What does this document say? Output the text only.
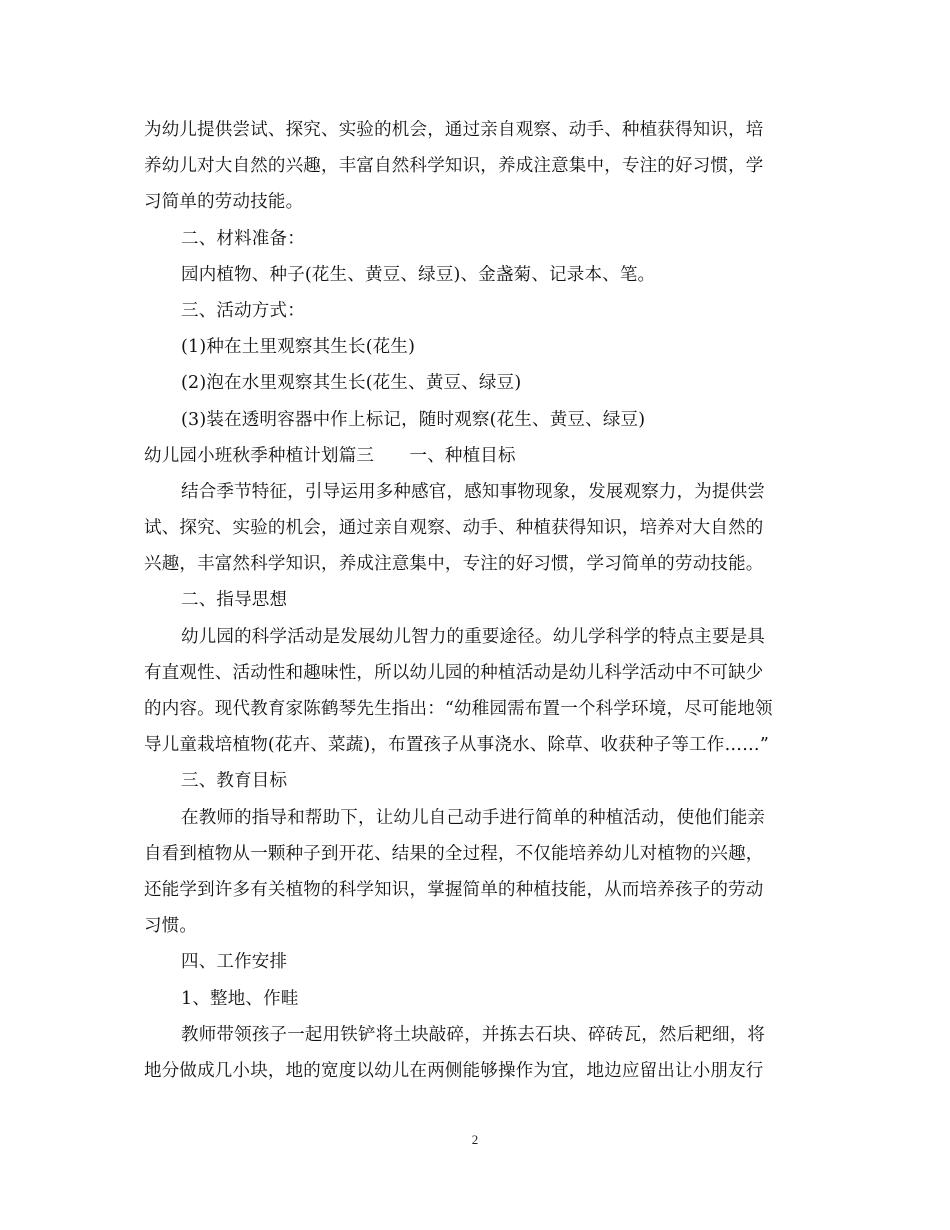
为幼儿提供尝试、探究、实验的机会，通过亲自观察、动手、种植获得知识，培
养幼儿对大自然的兴趣，丰富自然科学知识，养成注意集中，专注的好习惯，学
习简单的劳动技能。
二、材料准备：
园内植物、种子(花生、黄豆、绿豆)、金盏菊、记录本、笔。
三、活动方式：
(1)种在土里观察其生长(花生)
(2)泡在水里观察其生长(花生、黄豆、绿豆)
(3)装在透明容器中作上标记，随时观察(花生、黄豆、绿豆)
幼儿园小班秋季种植计划篇三　　一、种植目标
结合季节特征，引导运用多种感官，感知事物现象，发展观察力，为提供尝
试、探究、实验的机会，通过亲自观察、动手、种植获得知识，培养对大自然的
兴趣，丰富然科学知识，养成注意集中，专注的好习惯，学习简单的劳动技能。
二、指导思想
幼儿园的科学活动是发展幼儿智力的重要途径。幼儿学科学的特点主要是具
有直观性、活动性和趣味性，所以幼儿园的种植活动是幼儿科学活动中不可缺少
的内容。现代教育家陈鹤琴先生指出：“幼稚园需布置一个科学环境，尽可能地领
导儿童栽培植物(花卉、菜蔬)，布置孩子从事浇水、除草、收获种子等工作……”
三、教育目标
在教师的指导和帮助下，让幼儿自己动手进行简单的种植活动，使他们能亲
自看到植物从一颗种子到开花、结果的全过程，不仅能培养幼儿对植物的兴趣，
还能学到许多有关植物的科学知识，掌握简单的种植技能，从而培养孩子的劳动
习惯。
四、工作安排
1、整地、作畦
教师带领孩子一起用铁铲将土块敲碎，并拣去石块、碎砖瓦，然后耙细，将
地分做成几小块，地的宽度以幼儿在两侧能够操作为宜，地边应留出让小朋友行
2
